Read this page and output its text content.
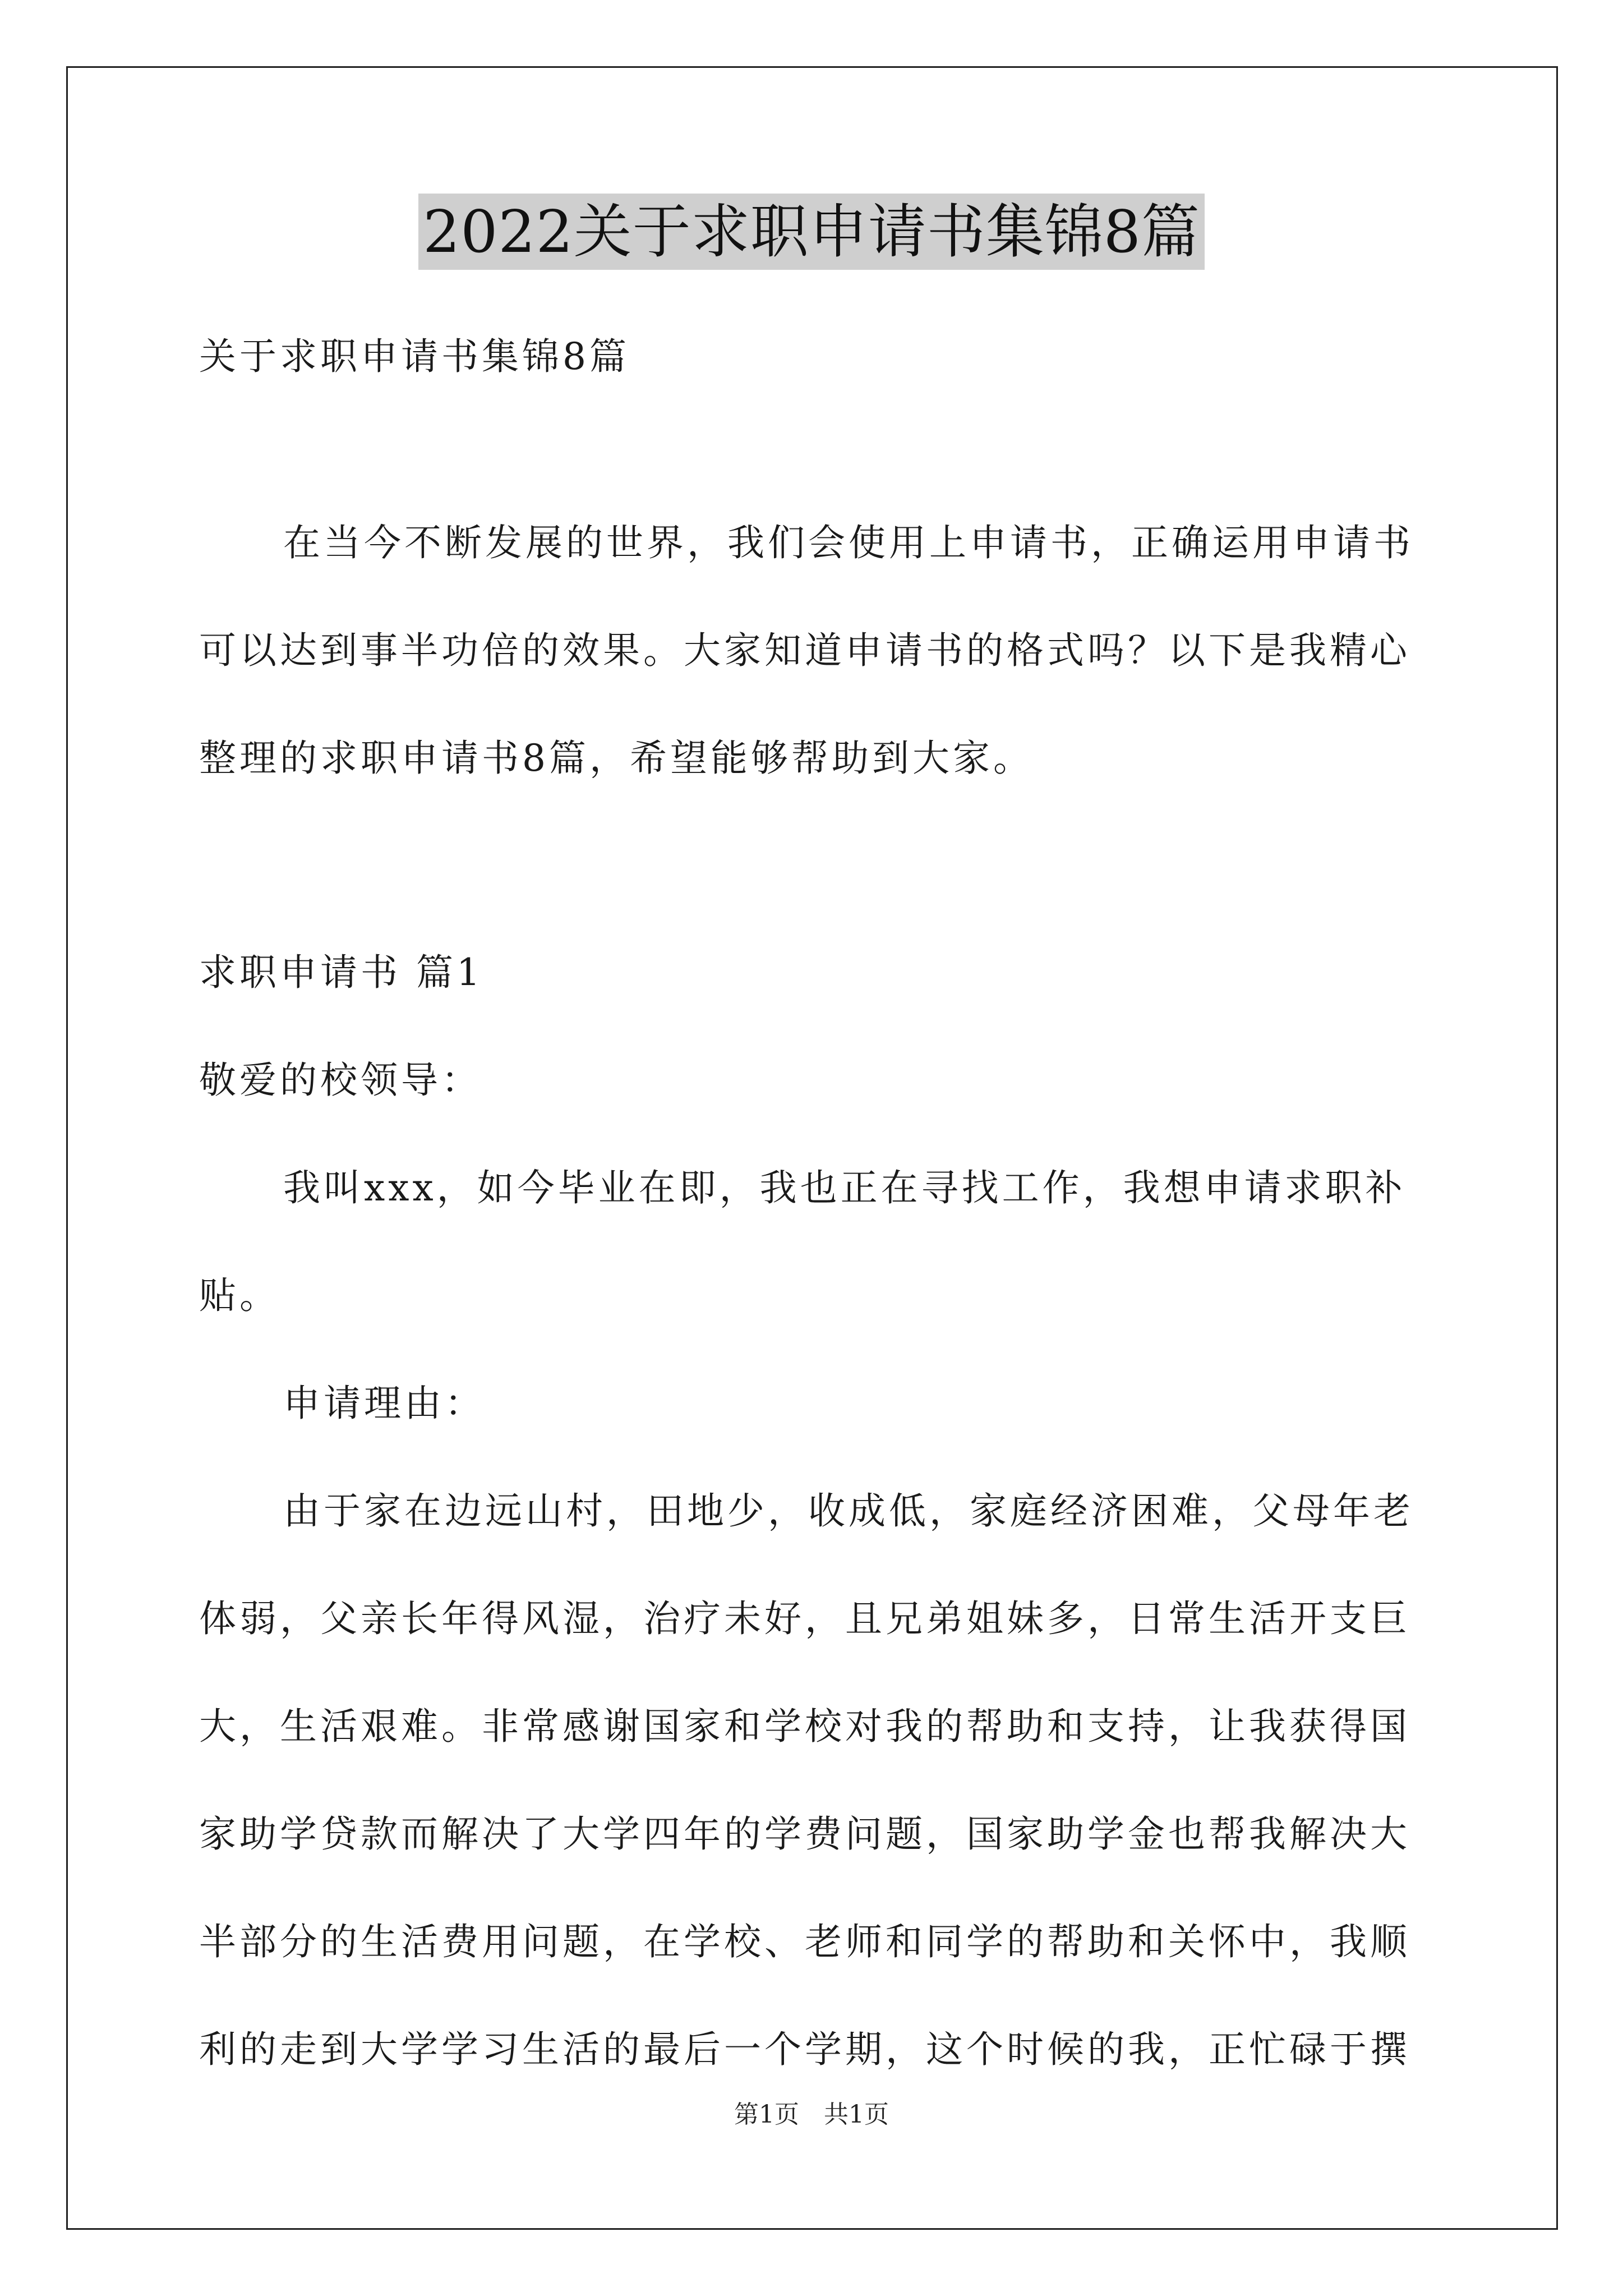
2022关于求职申请书集锦8篇
关于求职申请书集锦8篇
在当今不断发展的世界，我们会使用上申请书，正确运用申请书
可以达到事半功倍的效果。大家知道申请书的格式吗？以下是我精心
整理的求职申请书8篇，希望能够帮助到大家。
求职申请书 篇1
敬爱的校领导：
我叫xxx，如今毕业在即，我也正在寻找工作，我想申请求职补
贴。
申请理由：
由于家在边远山村，田地少，收成低，家庭经济困难，父母年老
体弱，父亲长年得风湿，治疗未好，且兄弟姐妹多，日常生活开支巨
大，生活艰难。非常感谢国家和学校对我的帮助和支持，让我获得国
家助学贷款而解决了大学四年的学费问题，国家助学金也帮我解决大
半部分的生活费用问题，在学校、老师和同学的帮助和关怀中，我顺
利的走到大学学习生活的最后一个学期，这个时候的我，正忙碌于撰
第1页　共1页
